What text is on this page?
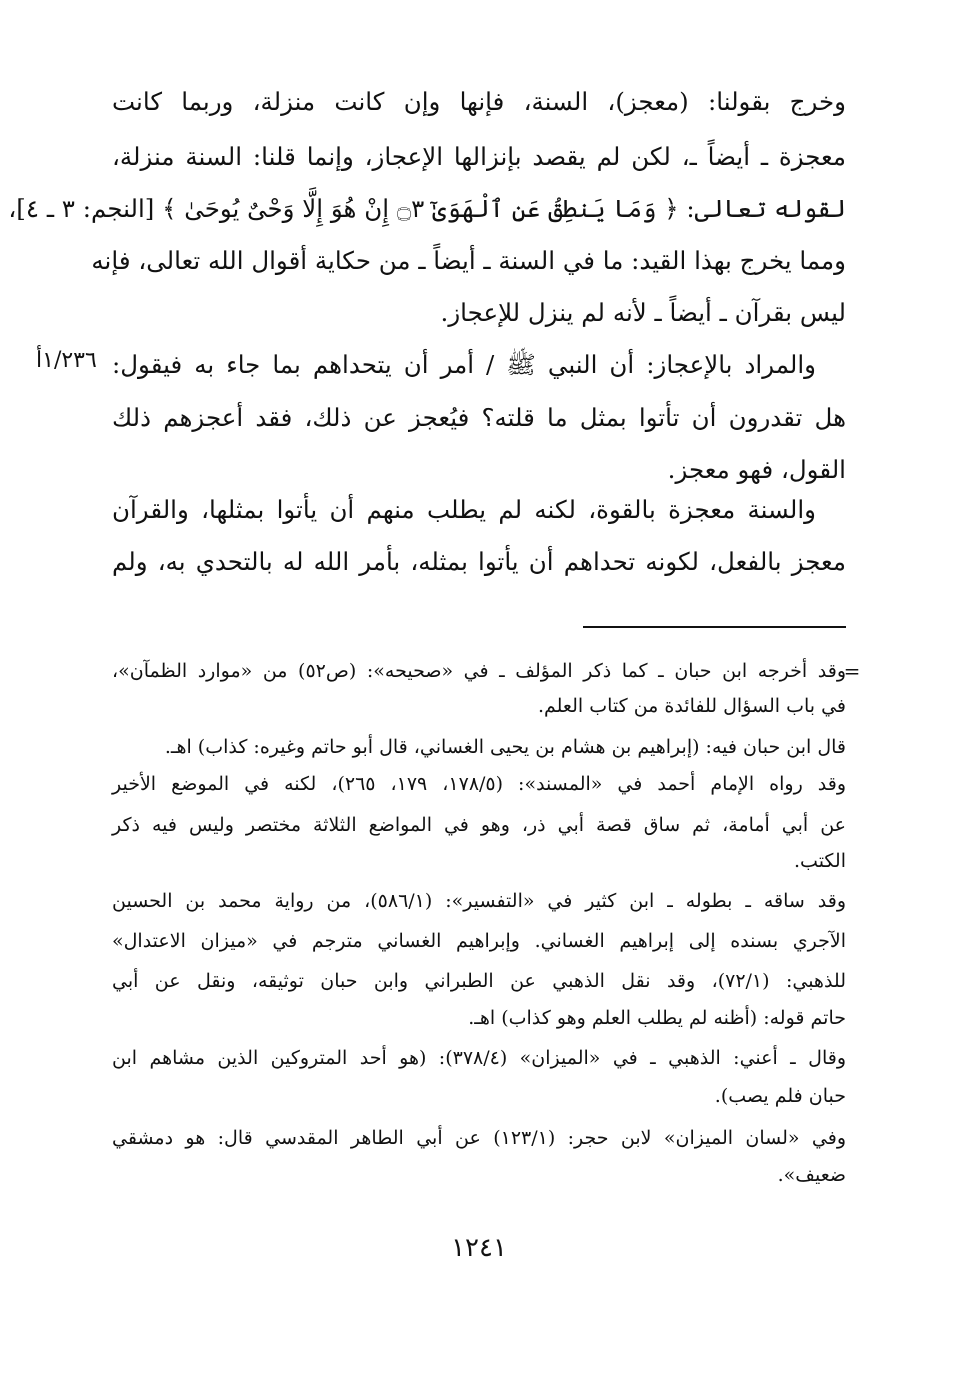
وخرج بقولنا: (معجز)، السنة، فإنها وإن كانت منزلة، وربما كانت
معجزة ـ أيضاً ـ، لكن لم يقصد بإنزالها الإعجاز، وإنما قلنا: السنة منزلة،
لقوله تعالى: ﴿ وَمَا يَنطِقُ عَنِ ٱلْهَوَىٰٓ ۝٣ إِنْ هُوَ إِلَّا وَحْىٌ يُوحَىٰ ﴾ [النجم: ٣ ـ ٤]،
ومما يخرج بهذا القيد: ما في السنة ـ أيضاً ـ من حكاية أقوال الله تعالى، فإنه
ليس بقرآن ـ أيضاً ـ لأنه لم ينزل للإعجاز.
والمراد بالإعجاز: أن النبي ﷺ / أمر أن يتحداهم بما جاء به فيقول:
١/٢٣٦أ
هل تقدرون أن تأتوا بمثل ما قلته؟ فيُعجز عن ذلك، فقد أعجزهم ذلك
القول، فهو معجز.
والسنة معجزة بالقوة، لكنه لم يطلب منهم أن يأتوا بمثلها، والقرآن
معجز بالفعل، لكونه تحداهم أن يأتوا بمثله، بأمر الله له بالتحدي به، ولم
=
وقد أخرجه ابن حبان ـ كما ذكر المؤلف ـ في «صحيحه»: (ص٥٢) من «موارد الظمآن»،
في باب السؤال للفائدة من كتاب العلم.
قال ابن حبان فيه: (إبراهيم بن هشام بن يحيى الغساني، قال أبو حاتم وغيره: كذاب) اهـ.
وقد رواه الإمام أحمد في «المسند»: (١٧٨/٥، ١٧٩، ٢٦٥)، لكنه في الموضع الأخير
عن أبي أمامة، ثم ساق قصة أبي ذر، وهو في المواضع الثلاثة مختصر وليس فيه ذكر
الكتب.
وقد ساقه ـ بطوله ـ ابن كثير في «التفسير»: (٥٨٦/١)، من رواية محمد بن الحسين
الآجري بسنده إلى إبراهيم الغساني. وإبراهيم الغساني مترجم في «ميزان الاعتدال»
للذهبي: (٧٢/١)، وقد نقل الذهبي عن الطبراني وابن حبان توثيقه، ونقل عن أبي
حاتم قوله: (أظنه لم يطلب العلم وهو كذاب) اهـ.
وقال ـ أعني: الذهبي ـ في «الميزان» (٣٧٨/٤): (هو أحد المتروكين الذين مشاهم ابن
حبان فلم يصب).
وفي «لسان الميزان» لابن حجر: (١٢٣/١) عن أبي الطاهر المقدسي قال: هو دمشقي
ضعيف».
١٢٤١
